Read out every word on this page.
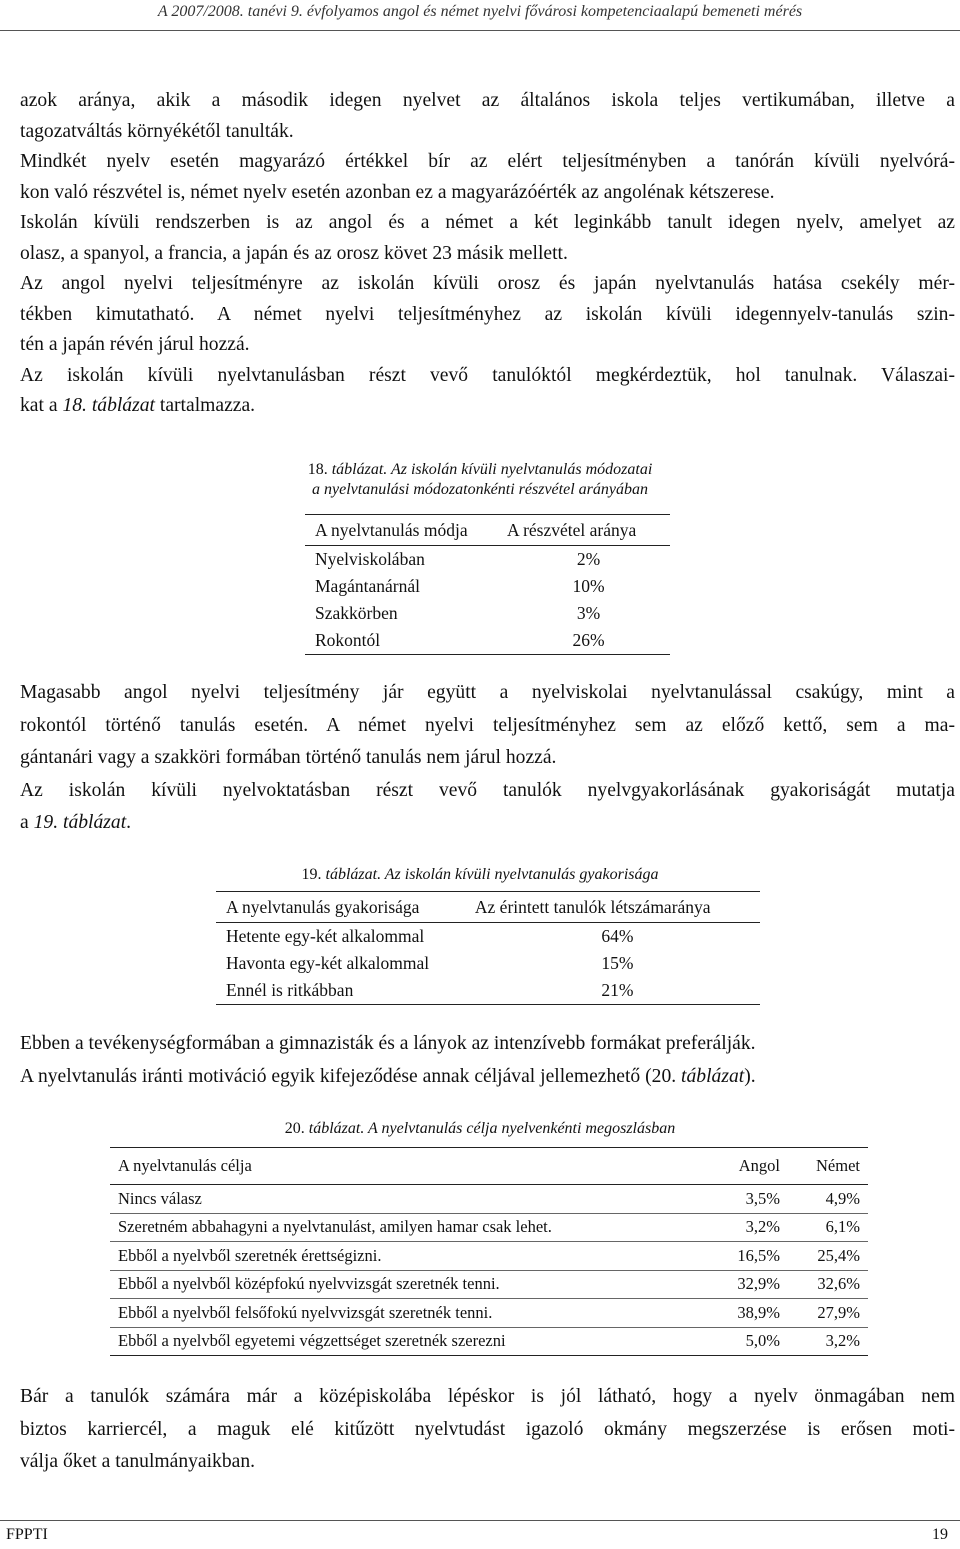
A 2007/2008. tanévi 9. évfolyamos angol és német nyelvi fővárosi kompetenciaalapú bemeneti mérés
azok aránya, akik a második idegen nyelvet az általános iskola teljes vertikumában, illetve a
tagozatváltás környékétől tanulták.
Mindkét nyelv esetén magyarázó értékkel bír az elért teljesítményben a tanórán kívüli nyelvórá-
kon való részvétel is, német nyelv esetén azonban ez a magyarázóérték az angolénak kétszerese.
Iskolán kívüli rendszerben is az angol és a német a két leginkább tanult idegen nyelv, amelyet az
olasz, a spanyol, a francia, a japán és az orosz követ 23 másik mellett.
Az angol nyelvi teljesítményre az iskolán kívüli orosz és japán nyelvtanulás hatása csekély mér-
tékben kimutatható. A német nyelvi teljesítményhez az iskolán kívüli idegennyelv-tanulás szin-
tén a japán révén járul hozzá.
Az iskolán kívüli nyelvtanulásban részt vevő tanulóktól megkérdeztük, hol tanulnak. Válaszai-
kat a 18. táblázat tartalmazza.
18. táblázat. Az iskolán kívüli nyelvtanulás módozatai
a nyelvtanulási módozatonkénti részvétel arányában
A nyelvtanulás módja	A részvétel aránya
Nyelviskolában	2%
Magántanárnál	10%
Szakkörben	3%
Rokontól	26%
Magasabb angol nyelvi teljesítmény jár együtt a nyelviskolai nyelvtanulással csakúgy, mint a
rokontól történő tanulás esetén. A német nyelvi teljesítményhez sem az előző kettő, sem a ma-
gántanári vagy a szakköri formában történő tanulás nem járul hozzá.
Az iskolán kívüli nyelvoktatásban részt vevő tanulók nyelvgyakorlásának gyakoriságát mutatja
a 19. táblázat.
19. táblázat. Az iskolán kívüli nyelvtanulás gyakorisága
A nyelvtanulás gyakorisága	Az érintett tanulók létszámaránya
Hetente egy-két alkalommal	64%
Havonta egy-két alkalommal	15%
Ennél is ritkábban	21%
Ebben a tevékenységformában a gimnazisták és a lányok az intenzívebb formákat preferálják.
A nyelvtanulás iránti motiváció egyik kifejeződése annak céljával jellemezhető (20. táblázat).
20. táblázat. A nyelvtanulás célja nyelvenkénti megoszlásban
A nyelvtanulás célja	Angol	Német
Nincs válasz	3,5%	4,9%
Szeretném abbahagyni a nyelvtanulást, amilyen hamar csak lehet.	3,2%	6,1%
Ebből a nyelvből szeretnék érettségizni.	16,5%	25,4%
Ebből a nyelvből középfokú nyelvvizsgát szeretnék tenni.	32,9%	32,6%
Ebből a nyelvből felsőfokú nyelvvizsgát szeretnék tenni.	38,9%	27,9%
Ebből a nyelvből egyetemi végzettséget szeretnék szerezni	5,0%	3,2%
Bár a tanulók számára már a középiskolába lépéskor is jól látható, hogy a nyelv önmagában nem
biztos karriercél, a maguk elé kitűzött nyelvtudást igazoló okmány megszerzése is erősen moti-
válja őket a tanulmányaikban.
FPPTI	19
